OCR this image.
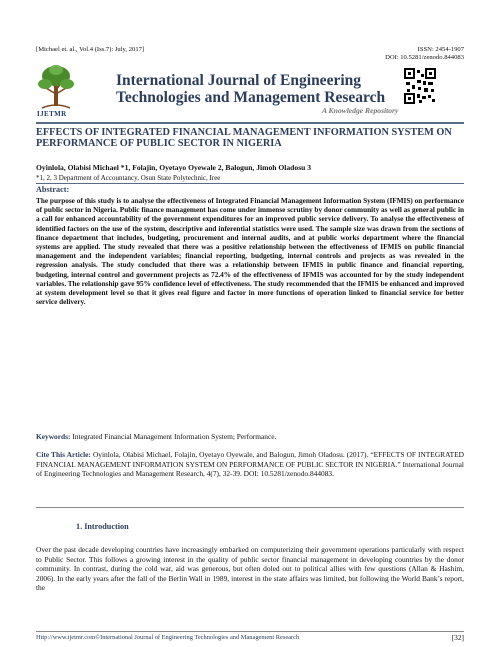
[Michael et. al., Vol.4 (Iss.7): July, 2017]	ISSN: 2454-1907
DOI: 10.5281/zenodo.844083
IJETMR
International Journal of Engineering
Technologies and Management Research
A Knowledge Repository
EFFECTS OF INTEGRATED FINANCIAL MANAGEMENT INFORMATION SYSTEM ON PERFORMANCE OF PUBLIC SECTOR IN NIGERIA
Oyinlola, Olabisi Michael *1, Folajin, Oyetayo Oyewale 2, Balogun, Jimoh Oladosu 3
*1, 2, 3 Department of Accountancy, Osun State Polytechnic, Iree
Abstract:
The purpose of this study is to analyse the effectiveness of Integrated Financial Management Information System (IFMIS) on performance of public sector in Nigeria. Public finance management has come under immense scrutiny by donor community as well as general public in a call for enhanced accountability of the government expenditures for an improved public service delivery. To analyse the effectiveness of identified factors on the use of the system, descriptive and inferential statistics were used. The sample size was drawn from the sections of finance department that includes, budgeting, procurement and internal audits, and at public works department where the financial systems are applied. The study revealed that there was a positive relationship between the effectiveness of IFMIS on public financial management and the independent variables; financial reporting, budgeting, internal controls and projects as was revealed in the regression analysis. The study concluded that there was a relationship between IFMIS in public finance and financial reporting, budgeting, internal control and government projects as 72.4% of the effectiveness of IFMIS was accounted for by the study independent variables. The relationship gave 95% confidence level of effectiveness. The study recommended that the IFMIS be enhanced and improved at system development level so that it gives real figure and factor in more functions of operation linked to financial service for better service delivery.
Keywords: Integrated Financial Management Information System; Performance.
Cite This Article: Oyinlola, Olabisi Michael, Folajin, Oyetayo Oyewale, and Balogun, Jimoh Oladosu. (2017). “EFFECTS OF INTEGRATED FINANCIAL MANAGEMENT INFORMATION SYSTEM ON PERFORMANCE OF PUBLIC SECTOR IN NIGERIA.” International Journal of Engineering Technologies and Management Research, 4(7), 32-39. DOI: 10.5281/zenodo.844083.
1. Introduction
Over the past decade developing countries have increasingly embarked on computerizing their government operations particularly with respect to Public Sector. This follows a growing interest in the quality of public sector financial management in developing countries by the donor community. In contrast, during the cold war, aid was generous, but often doled out to political allies with few questions (Allan & Hashim, 2006). In the early years after the fall of the Berlin Wall in 1989, interest in the state affairs was limited, but following the World Bank’s report, the
Http://www.ijetmr.com©International Journal of Engineering Technologies and Management Research	[32]
